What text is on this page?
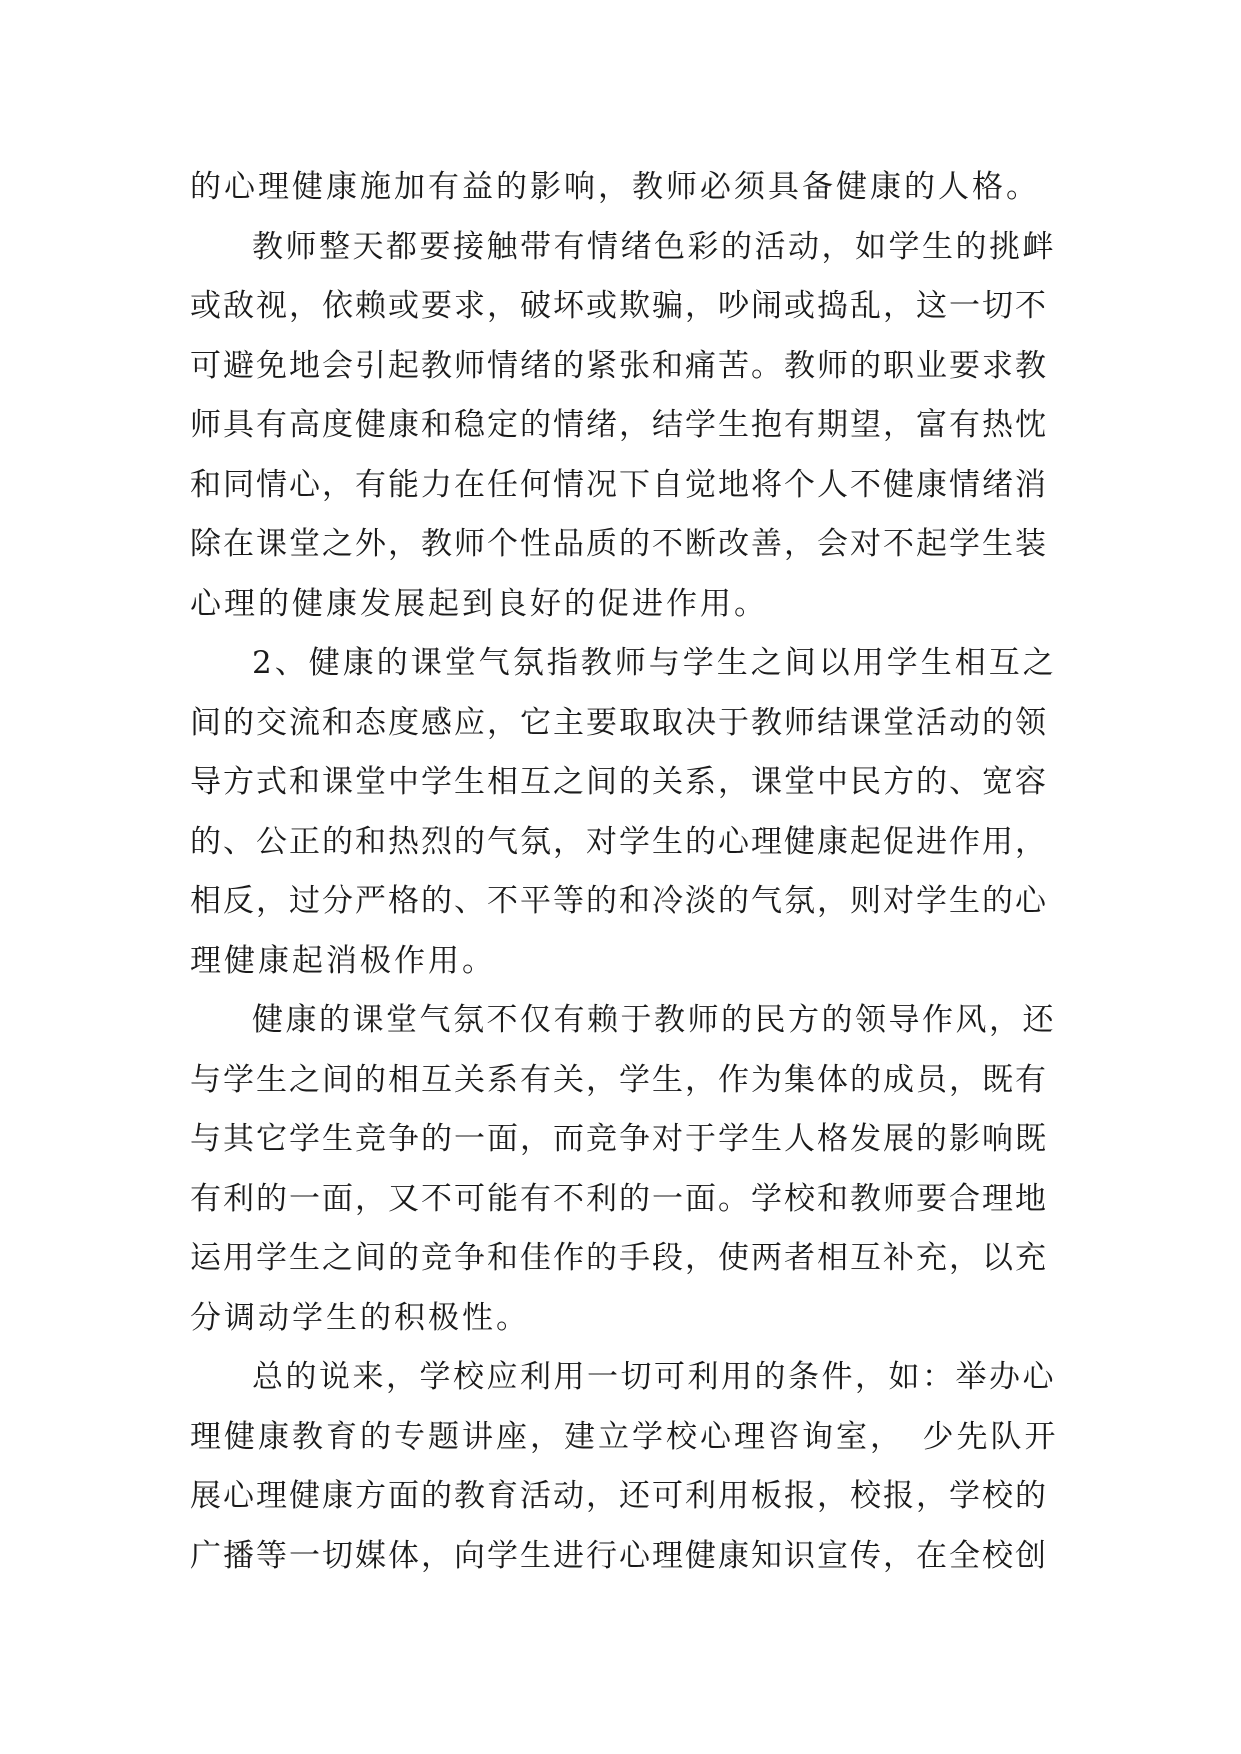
的心理健康施加有益的影响，教师必须具备健康的人格。
教师整天都要接触带有情绪色彩的活动，如学生的挑衅
或敌视，依赖或要求，破坏或欺骗，吵闹或捣乱，这一切不
可避免地会引起教师情绪的紧张和痛苦。教师的职业要求教
师具有高度健康和稳定的情绪，结学生抱有期望，富有热忱
和同情心，有能力在任何情况下自觉地将个人不健康情绪消
除在课堂之外，教师个性品质的不断改善，会对不起学生装
心理的健康发展起到良好的促进作用。
2、健康的课堂气氛指教师与学生之间以用学生相互之
间的交流和态度感应，它主要取取决于教师结课堂活动的领
导方式和课堂中学生相互之间的关系，课堂中民方的、宽容
的、公正的和热烈的气氛，对学生的心理健康起促进作用，
相反，过分严格的、不平等的和冷淡的气氛，则对学生的心
理健康起消极作用。
健康的课堂气氛不仅有赖于教师的民方的领导作风，还
与学生之间的相互关系有关，学生，作为集体的成员，既有
与其它学生竞争的一面，而竞争对于学生人格发展的影响既
有利的一面，又不可能有不利的一面。学校和教师要合理地
运用学生之间的竞争和佳作的手段，使两者相互补充，以充
分调动学生的积极性。
总的说来，学校应利用一切可利用的条件，如：举办心
理健康教育的专题讲座，建立学校心理咨询室，　少先队开
展心理健康方面的教育活动，还可利用板报，校报，学校的
广播等一切媒体，向学生进行心理健康知识宣传，在全校创
